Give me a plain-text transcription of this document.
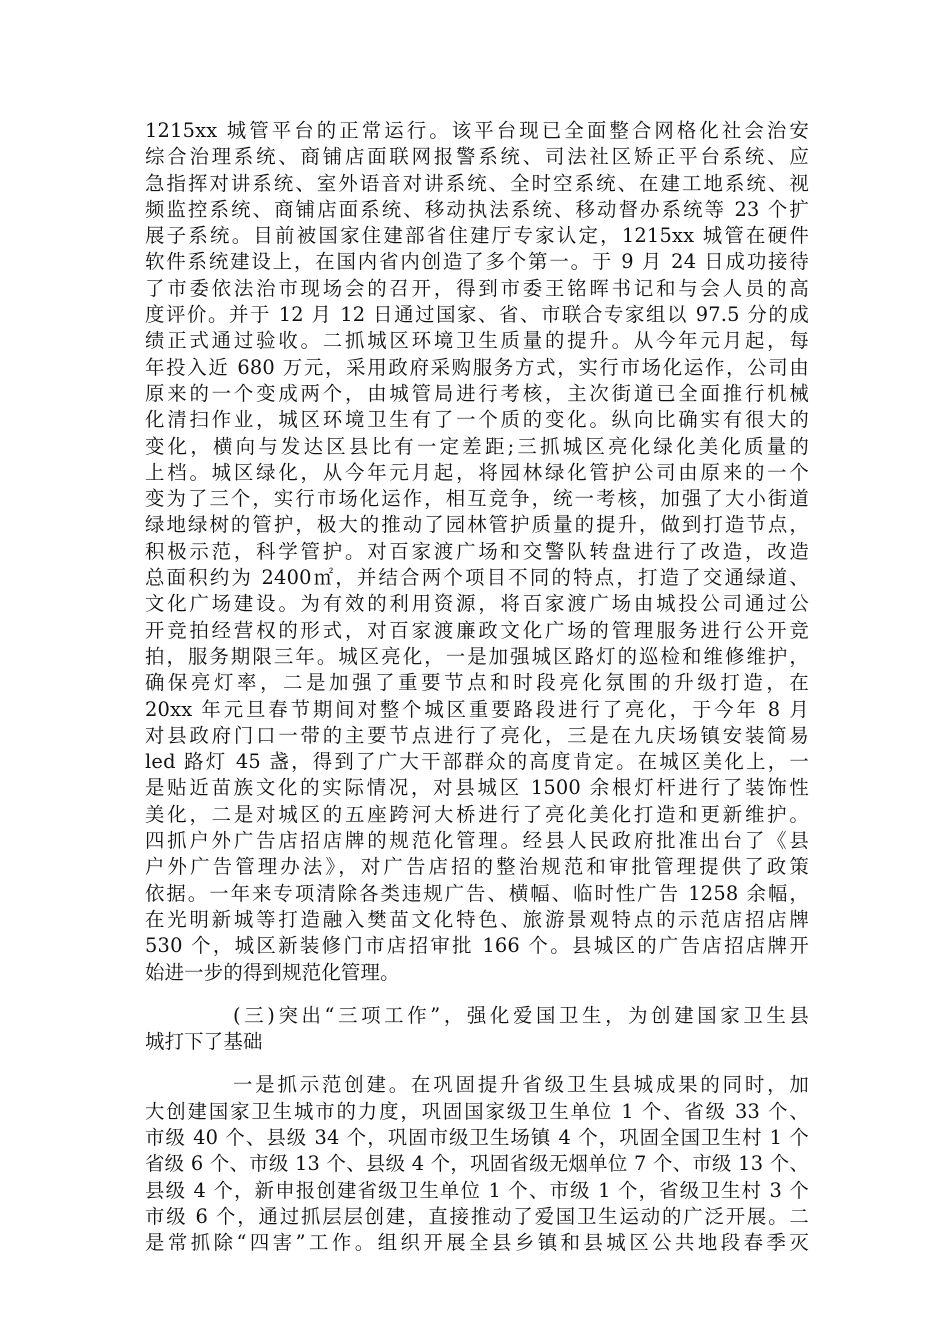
1215xx 城管平台的正常运行。该平台现已全面整合网格化社会治安
综合治理系统、商铺店面联网报警系统、司法社区矫正平台系统、应
急指挥对讲系统、室外语音对讲系统、全时空系统、在建工地系统、视
频监控系统、商铺店面系统、移动执法系统、移动督办系统等 23 个扩
展子系统。目前被国家住建部省住建厅专家认定，1215xx 城管在硬件
软件系统建设上，在国内省内创造了多个第一。于 9 月 24 日成功接待
了市委依法治市现场会的召开，得到市委王铭晖书记和与会人员的高
度评价。并于 12 月 12 日通过国家、省、市联合专家组以 97.5 分的成
绩正式通过验收。二抓城区环境卫生质量的提升。从今年元月起，每
年投入近 680 万元，采用政府采购服务方式，实行市场化运作，公司由
原来的一个变成两个，由城管局进行考核，主次街道已全面推行机械
化清扫作业，城区环境卫生有了一个质的变化。纵向比确实有很大的
变化，横向与发达区县比有一定差距;三抓城区亮化绿化美化质量的
上档。城区绿化，从今年元月起，将园林绿化管护公司由原来的一个
变为了三个，实行市场化运作，相互竞争，统一考核，加强了大小街道
绿地绿树的管护，极大的推动了园林管护质量的提升，做到打造节点，
积极示范，科学管护。对百家渡广场和交警队转盘进行了改造，改造
总面积约为 2400㎡，并结合两个项目不同的特点，打造了交通绿道、
文化广场建设。为有效的利用资源，将百家渡广场由城投公司通过公
开竞拍经营权的形式，对百家渡廉政文化广场的管理服务进行公开竞
拍，服务期限三年。城区亮化，一是加强城区路灯的巡检和维修维护，
确保亮灯率，二是加强了重要节点和时段亮化氛围的升级打造，在
20xx 年元旦春节期间对整个城区重要路段进行了亮化，于今年 8 月
对县政府门口一带的主要节点进行了亮化，三是在九庆场镇安装简易
led 路灯 45 盏，得到了广大干部群众的高度肯定。在城区美化上，一
是贴近苗族文化的实际情况，对县城区 1500 余根灯杆进行了装饰性
美化，二是对城区的五座跨河大桥进行了亮化美化打造和更新维护。
四抓户外广告店招店牌的规范化管理。经县人民政府批准出台了《县
户外广告管理办法》，对广告店招的整治规范和审批管理提供了政策
依据。一年来专项清除各类违规广告、横幅、临时性广告 1258 余幅，
在光明新城等打造融入樊苗文化特色、旅游景观特点的示范店招店牌
530 个，城区新装修门市店招审批 166 个。县城区的广告店招店牌开
始进一步的得到规范化管理。
(三)突出“三项工作”，强化爱国卫生，为创建国家卫生县
城打下了基础
一是抓示范创建。在巩固提升省级卫生县城成果的同时，加
大创建国家卫生城市的力度，巩固国家级卫生单位 1 个、省级 33 个、
市级 40 个、县级 34 个，巩固市级卫生场镇 4 个，巩固全国卫生村 1 个
省级 6 个、市级 13 个、县级 4 个，巩固省级无烟单位 7 个、市级 13 个、
县级 4 个，新申报创建省级卫生单位 1 个、市级 1 个，省级卫生村 3 个
市级 6 个，通过抓层层创建，直接推动了爱国卫生运动的广泛开展。二
是常抓除“四害”工作。组织开展全县乡镇和县城区公共地段春季灭
